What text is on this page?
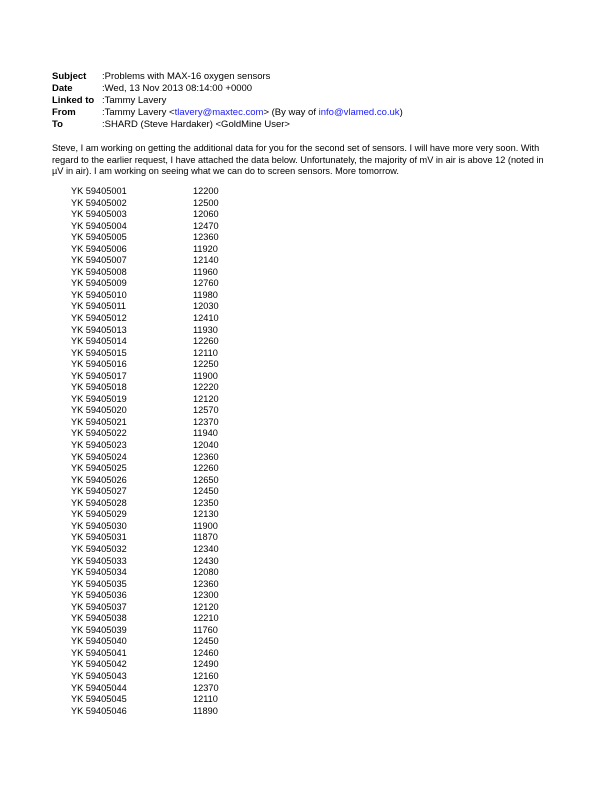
Subject	: Problems with MAX-16 oxygen sensors
Date	: Wed, 13 Nov 2013 08:14:00 +0000
Linked to : Tammy Lavery
From	: Tammy Lavery <tlavery@maxtec.com> (By way of info@vlamed.co.uk)
To	: SHARD (Steve Hardaker) <GoldMine User>
Steve, I am working on getting the additional data for you for the second set of sensors. I will have more very soon. With regard to the earlier request, I have attached the data below. Unfortunately, the majority of mV in air is above 12 (noted in µV in air). I am working on seeing what we can do to screen sensors. More tomorrow.
YK 59405001	12200
YK 59405002	12500
YK 59405003	12060
YK 59405004	12470
YK 59405005	12360
YK 59405006	11920
YK 59405007	12140
YK 59405008	11960
YK 59405009	12760
YK 59405010	11980
YK 59405011	12030
YK 59405012	12410
YK 59405013	11930
YK 59405014	12260
YK 59405015	12110
YK 59405016	12250
YK 59405017	11900
YK 59405018	12220
YK 59405019	12120
YK 59405020	12570
YK 59405021	12370
YK 59405022	11940
YK 59405023	12040
YK 59405024	12360
YK 59405025	12260
YK 59405026	12650
YK 59405027	12450
YK 59405028	12350
YK 59405029	12130
YK 59405030	11900
YK 59405031	11870
YK 59405032	12340
YK 59405033	12430
YK 59405034	12080
YK 59405035	12360
YK 59405036	12300
YK 59405037	12120
YK 59405038	12210
YK 59405039	11760
YK 59405040	12450
YK 59405041	12460
YK 59405042	12490
YK 59405043	12160
YK 59405044	12370
YK 59405045	12110
YK 59405046	11890
